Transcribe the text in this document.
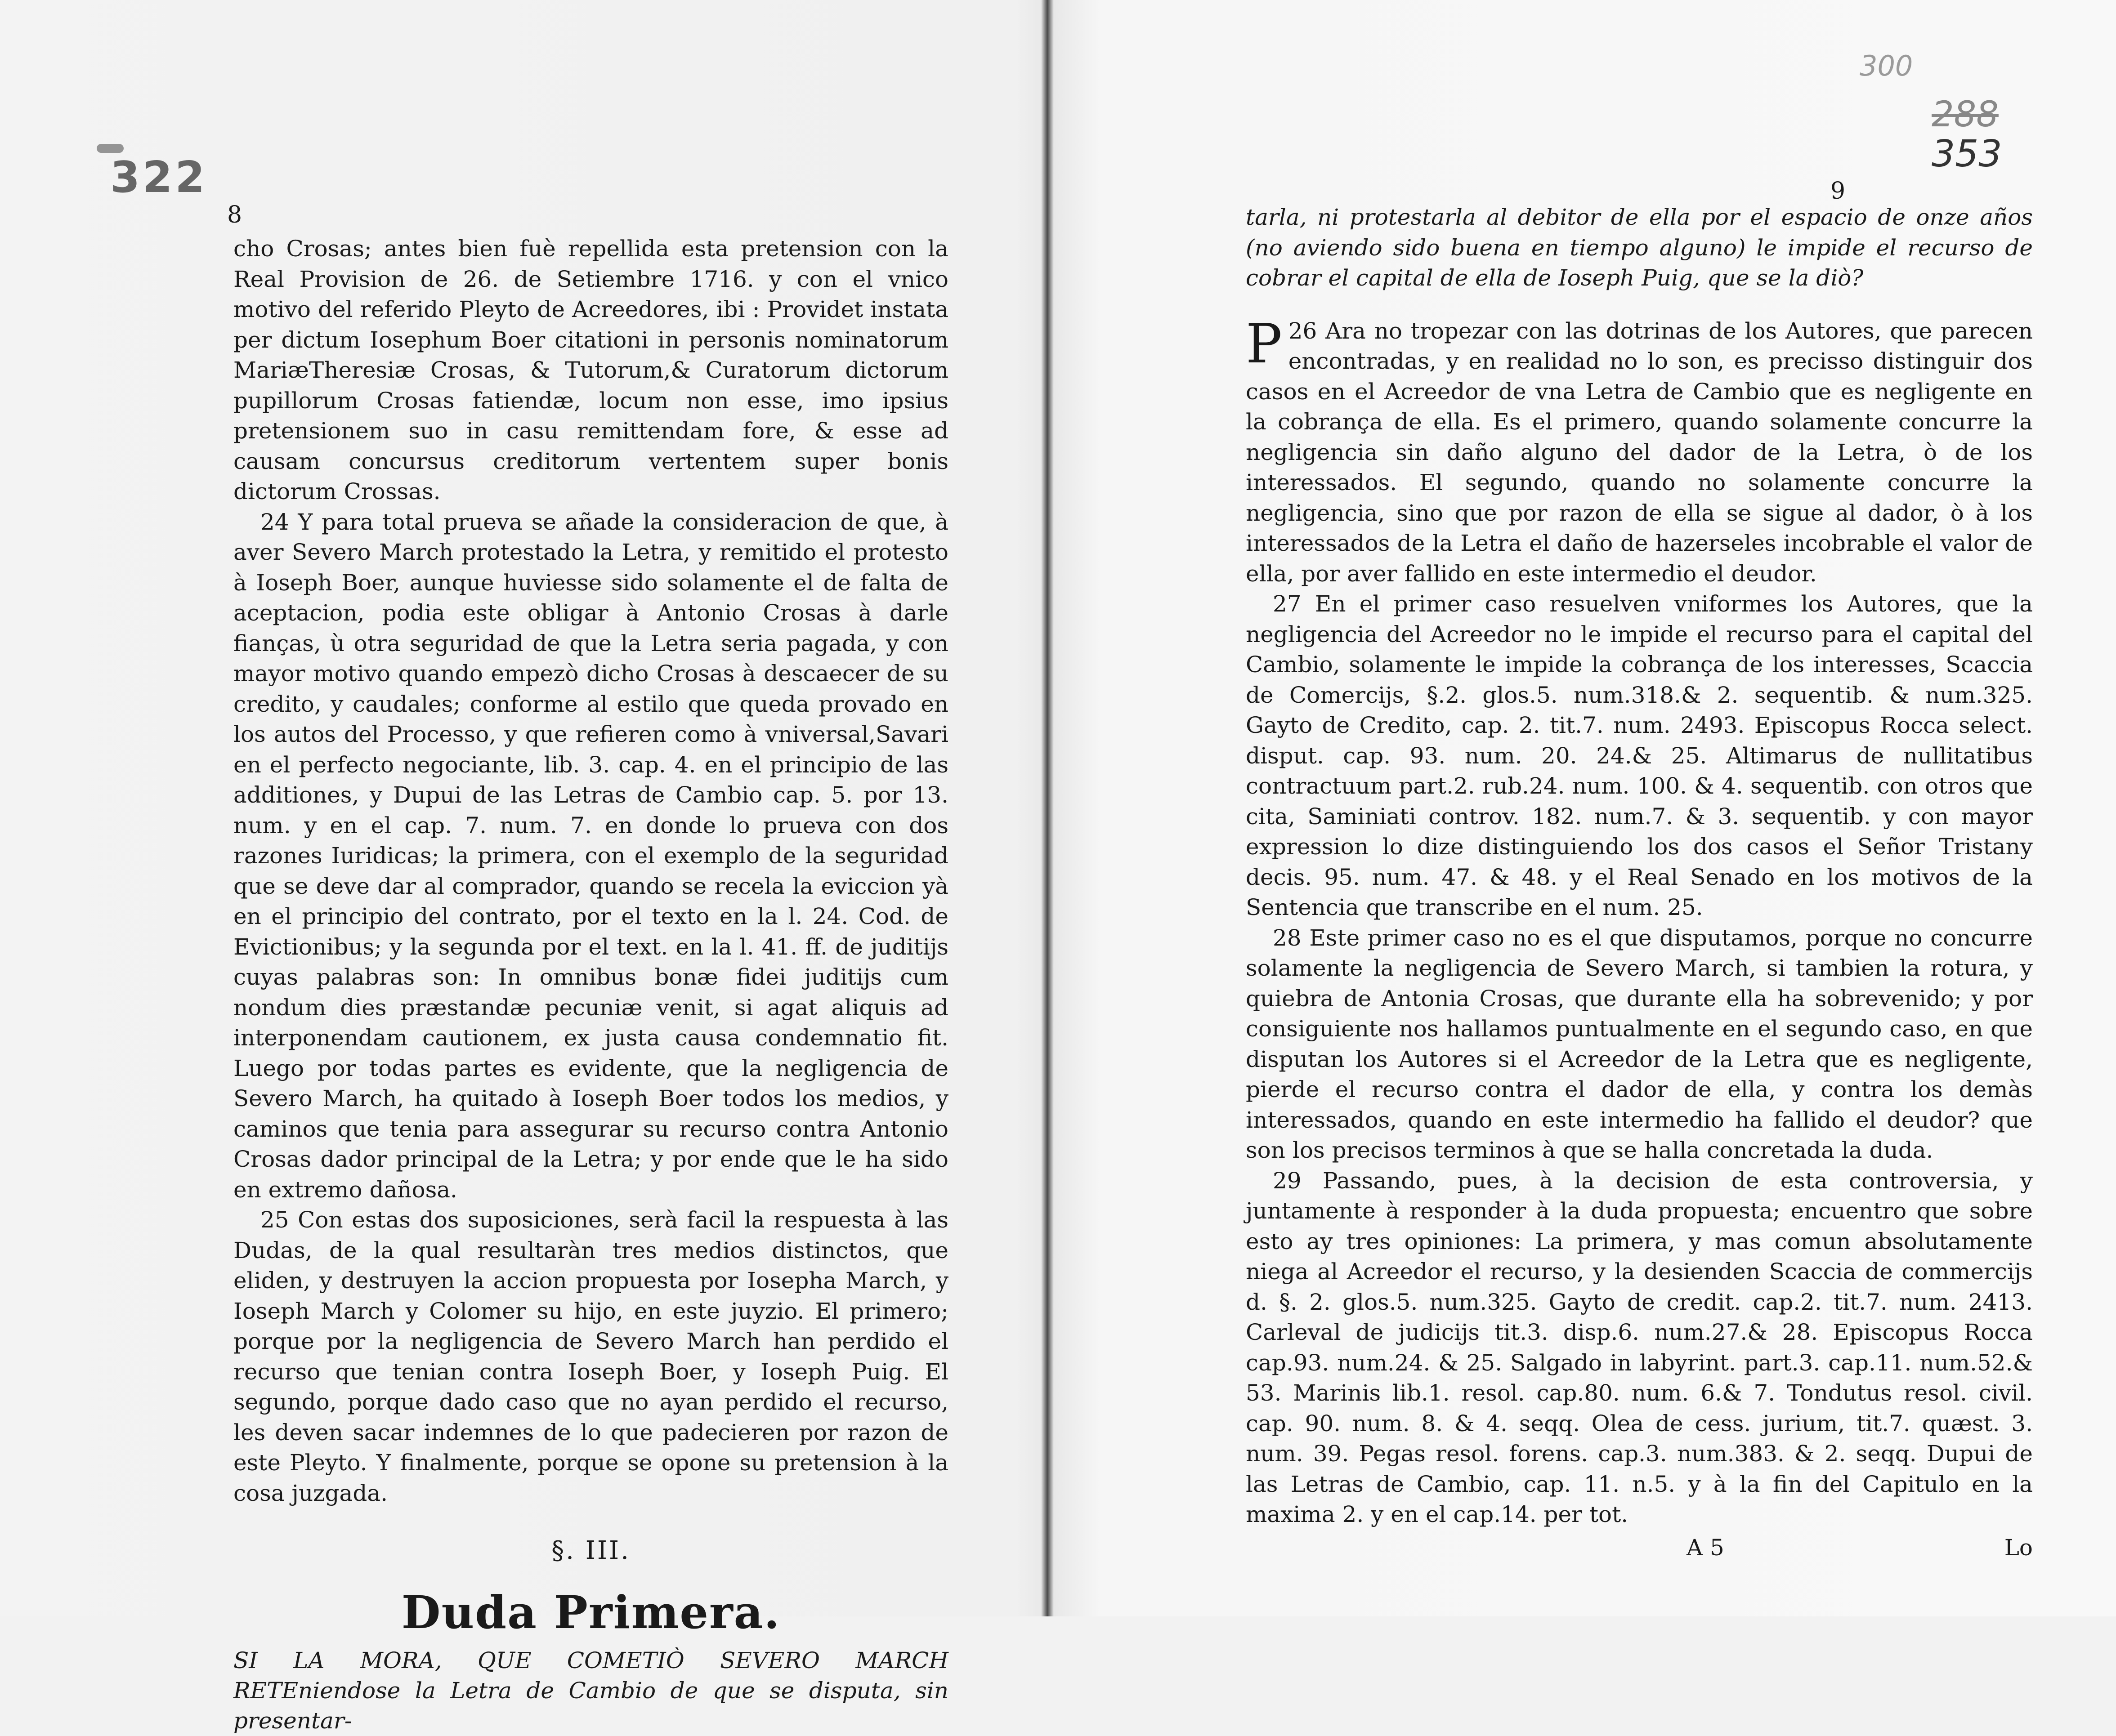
322
8

cho Crosas; antes bien fuè repellida esta pretension con la Real Provision de 26. de Setiembre 1716. y con el vnico motivo del referido Pleyto de Acreedores, ibi : Providet instata per dictum Iosephum Boer citationi in personis nominatorum MariæTheresiæ Crosas, & Tutorum,& Curatorum dictorum pupillorum Crosas fatiendæ, locum non esse, imo ipsius pretensionem suo in casu remittendam fore, & esse ad causam concursus creditorum vertentem super bonis dictorum Crossas.

24 Y para total prueva se añade la consideracion de que, à aver Severo March protestado la Letra, y remitido el protesto à Ioseph Boer, aunque huviesse sido solamente el de falta de aceptacion, podia este obligar à Antonio Crosas à darle fianças, ù otra seguridad de que la Letra seria pagada, y con mayor motivo quando empezò dicho Crosas à descaecer de su credito, y caudales; conforme al estilo que queda provado en los autos del Processo, y que refieren como à vniversal,Savari en el perfecto negociante, lib. 3. cap. 4. en el principio de las additiones, y Dupui de las Letras de Cambio cap. 5. por 13. num. y en el cap. 7. num. 7. en donde lo prueva con dos razones Iuridicas; la primera, con el exemplo de la seguridad que se deve dar al comprador, quando se recela la eviccion yà en el principio del contrato, por el texto en la l. 24. Cod. de Evictionibus; y la segunda por el text. en la l. 41. ff. de juditijs cuyas palabras son: In omnibus bonæ fidei juditijs cum nondum dies præstandæ pecuniæ venit, si agat aliquis ad interponendam cautionem, ex justa causa condemnatio fit. Luego por todas partes es evidente, que la negligencia de Severo March, ha quitado à Ioseph Boer todos los medios, y caminos que tenia para assegurar su recurso contra Antonio Crosas dador principal de la Letra; y por ende que le ha sido en extremo dañosa.

25 Con estas dos suposiciones, serà facil la respuesta à las Dudas, de la qual resultaràn tres medios distinctos, que eliden, y destruyen la accion propuesta por Iosepha March, y Ioseph March y Colomer su hijo, en este juyzio. El primero; porque por la negligencia de Severo March han perdido el recurso que tenian contra Ioseph Boer, y Ioseph Puig. El segundo, porque dado caso que no ayan perdido el recurso, les deven sacar indemnes de lo que padecieren por razon de este Pleyto. Y finalmente, porque se opone su pretension à la cosa juzgada.

§. III.

Duda Primera.

SI LA MORA, QUE COMETIÒ SEVERO MARCH RETEniendose la Letra de Cambio de que se disputa, sin presentar-

300
288
353
9

tarla, ni protestarla al debitor de ella por el espacio de onze años (no aviendo sido buena en tiempo alguno) le impide el recurso de cobrar el capital de ella de Ioseph Puig, que se la diò?

26
P Ara no tropezar con las dotrinas de los Autores, que parecen encontradas, y en realidad no lo son, es precisso distinguir dos casos en el Acreedor de vna Letra de Cambio que es negligente en la cobrança de ella. Es el primero, quando solamente concurre la negligencia sin daño alguno del dador de la Letra, ò de los interessados. El segundo, quando no solamente concurre la negligencia, sino que por razon de ella se sigue al dador, ò à los interessados de la Letra el daño de hazerseles incobrable el valor de ella, por aver fallido en este intermedio el deudor.

27 En el primer caso resuelven vniformes los Autores, que la negligencia del Acreedor no le impide el recurso para el capital del Cambio, solamente le impide la cobrança de los interesses, Scaccia de Comercijs, §.2. glos.5. num.318.& 2. sequentib. & num.325. Gayto de Credito, cap. 2. tit.7. num. 2493. Episcopus Rocca select. disput. cap. 93. num. 20. 24.& 25. Altimarus de nullitatibus contractuum part.2. rub.24. num. 100. & 4. sequentib. con otros que cita, Saminiati controv. 182. num.7. & 3. sequentib. y con mayor expression lo dize distinguiendo los dos casos el Señor Tristany decis. 95. num. 47. & 48. y el Real Senado en los motivos de la Sentencia que transcribe en el num. 25.

28 Este primer caso no es el que disputamos, porque no concurre solamente la negligencia de Severo March, si tambien la rotura, y quiebra de Antonia Crosas, que durante ella ha sobrevenido; y por consiguiente nos hallamos puntualmente en el segundo caso, en que disputan los Autores si el Acreedor de la Letra que es negligente, pierde el recurso contra el dador de ella, y contra los demàs interessados, quando en este intermedio ha fallido el deudor? que son los precisos terminos à que se halla concretada la duda.

29 Passando, pues, à la decision de esta controversia, y juntamente à responder à la duda propuesta; encuentro que sobre esto ay tres opiniones: La primera, y mas comun absolutamente niega al Acreedor el recurso, y la desienden Scaccia de commercijs d. §. 2. glos.5. num.325. Gayto de credit. cap.2. tit.7. num. 2413. Carleval de judicijs tit.3. disp.6. num.27.& 28. Episcopus Rocca cap.93. num.24. & 25. Salgado in labyrint. part.3. cap.11. num.52.& 53. Marinis lib.1. resol. cap.80. num. 6.& 7. Tondutus resol. civil. cap. 90. num. 8. & 4. seqq. Olea de cess. jurium, tit.7. quæst. 3. num. 39. Pegas resol. forens. cap.3. num.383. & 2. seqq. Dupui de las Letras de Cambio, cap. 11. n.5. y à la fin del Capitulo en la maxima 2. y en el cap.14. per tot.

A 5	Lo
